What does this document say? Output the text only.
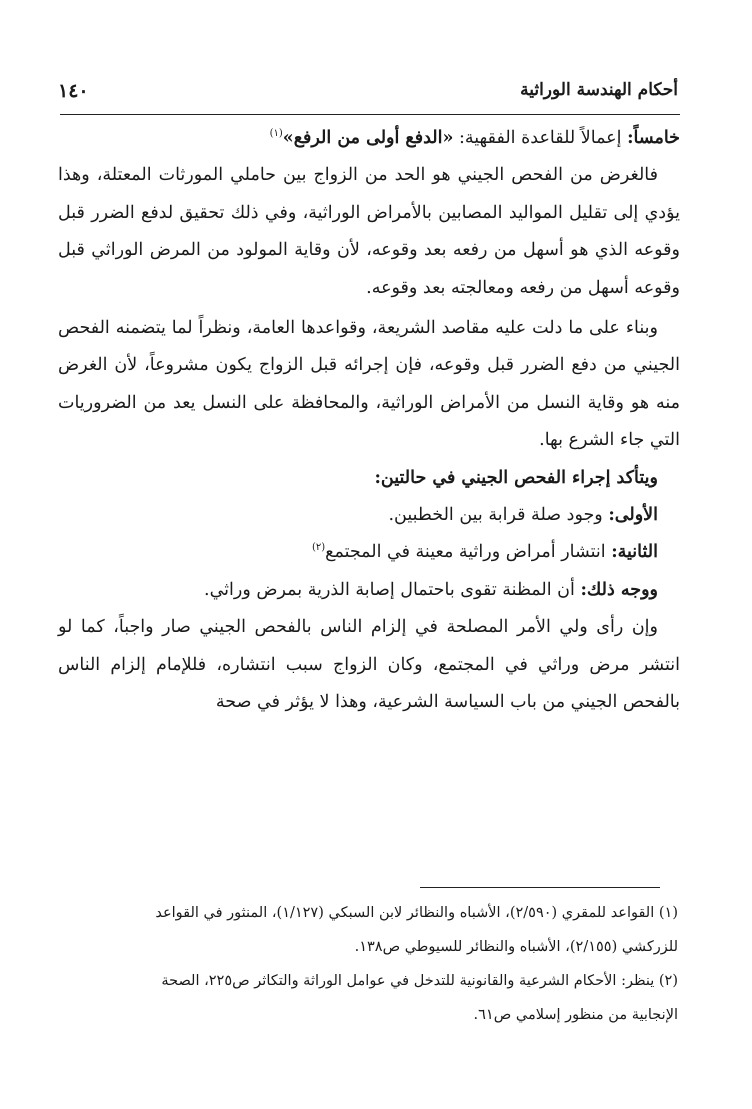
أحكام الهندسة الوراثية
١٤٠

خامساً: إعمالاً للقاعدة الفقهية: «الدفع أولى من الرفع»$^{(١)}$

فالغرض من الفحص الجيني هو الحد من الزواج بين حاملي المورثات المعتلة، وهذا يؤدي إلى تقليل المواليد المصابين بالأمراض الوراثية، وفي ذلك تحقيق لدفع الضرر قبل وقوعه الذي هو أسهل من رفعه بعد وقوعه، لأن وقاية المولود من المرض الوراثي قبل وقوعه أسهل من رفعه ومعالجته بعد وقوعه.

وبناء على ما دلت عليه مقاصد الشريعة، وقواعدها العامة، ونظراً لما يتضمنه الفحص الجيني من دفع الضرر قبل وقوعه، فإن إجرائه قبل الزواج يكون مشروعاً، لأن الغرض منه هو وقاية النسل من الأمراض الوراثية، والمحافظة على النسل يعد من الضروريات التي جاء الشرع بها.

ويتأكد إجراء الفحص الجيني في حالتين:

الأولى: وجود صلة قرابة بين الخطبين.

الثانية: انتشار أمراض وراثية معينة في المجتمع$^{(٢)}$

ووجه ذلك: أن المظنة تقوى باحتمال إصابة الذرية بمرض وراثي.

وإن رأى ولي الأمر المصلحة في إلزام الناس بالفحص الجيني صار واجباً، كما لو انتشر مرض وراثي في المجتمع، وكان الزواج سبب انتشاره، فللإمام إلزام الناس بالفحص الجيني من باب السياسة الشرعية، وهذا لا يؤثر في صحة

(١) القواعد للمقري (٢/٥٩٠)، الأشباه والنظائر لابن السبكي (١/١٢٧)، المنثور في القواعد

للزركشي (٢/١٥٥)، الأشباه والنظائر للسيوطي ص١٣٨.

(٢) ينظر: الأحكام الشرعية والقانونية للتدخل في عوامل الوراثة والتكاثر ص٢٢٥، الصحة

الإنجابية من منظور إسلامي ص٦١.
